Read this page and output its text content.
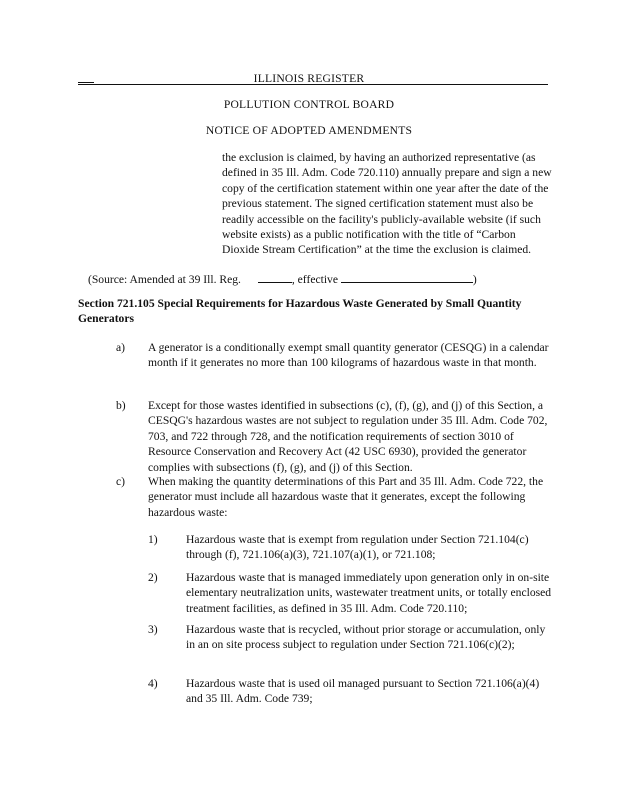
ILLINOIS REGISTER
POLLUTION CONTROL BOARD
NOTICE OF ADOPTED AMENDMENTS
the exclusion is claimed, by having an authorized representative (as defined in 35 Ill. Adm. Code 720.110) annually prepare and sign a new copy of the certification statement within one year after the date of the previous statement. The signed certification statement must also be readily accessible on the facility's publicly-available website (if such website exists) as a public notification with the title of “Carbon Dioxide Stream Certification” at the time the exclusion is claimed.
(Source: Amended at 39 Ill. Reg.	, effective	)
Section 721.105 Special Requirements for Hazardous Waste Generated by Small Quantity Generators
a) A generator is a conditionally exempt small quantity generator (CESQG) in a calendar month if it generates no more than 100 kilograms of hazardous waste in that month.
b) Except for those wastes identified in subsections (c), (f), (g), and (j) of this Section, a CESQG's hazardous wastes are not subject to regulation under 35 Ill. Adm. Code 702, 703, and 722 through 728, and the notification requirements of section 3010 of Resource Conservation and Recovery Act (42 USC 6930), provided the generator complies with subsections (f), (g), and (j) of this Section.
c) When making the quantity determinations of this Part and 35 Ill. Adm. Code 722, the generator must include all hazardous waste that it generates, except the following hazardous waste:
1) Hazardous waste that is exempt from regulation under Section 721.104(c) through (f), 721.106(a)(3), 721.107(a)(1), or 721.108;
2) Hazardous waste that is managed immediately upon generation only in on-site elementary neutralization units, wastewater treatment units, or totally enclosed treatment facilities, as defined in 35 Ill. Adm. Code 720.110;
3) Hazardous waste that is recycled, without prior storage or accumulation, only in an on site process subject to regulation under Section 721.106(c)(2);
4) Hazardous waste that is used oil managed pursuant to Section 721.106(a)(4) and 35 Ill. Adm. Code 739;
